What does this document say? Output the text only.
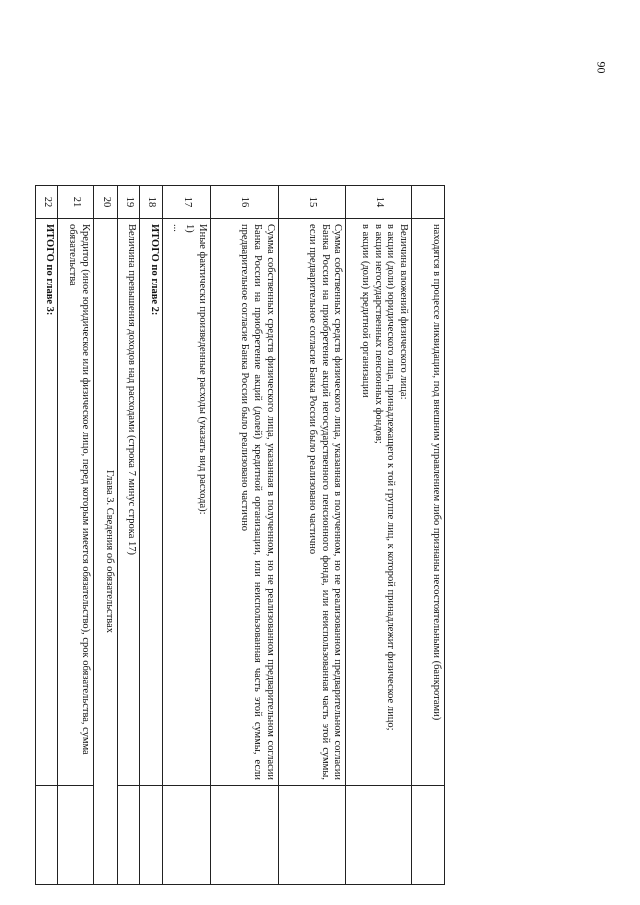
90
	находятся в процессе ликвидации, под внешним управлением либо признаны несостоятельными (банкротами)	
14	Величина вложений физического лица:
в акции (доли) юридического лица, принадлежащего к той группе лиц, к которой принадлежит физическое лицо;
в акции негосударственных пенсионных фондов;
в акции (доли) кредитной организации	

15	Сумма собственных средств физического лица, указанная в полученном, но не реализованном предварительном согласии Банка России на приобретение акций негосударственного пенсионного фонда, или неиспользованная часть этой суммы, если предварительное согласие Банка России было реализовано частично	
16	Сумма собственных средств физического лица, указанная в полученном, но не реализованном предварительном согласии Банка России на приобретение акций (долей) кредитной организации, или неиспользованная часть этой суммы, если предварительное согласие Банка России было реализовано частично	
17	Иные фактически произведенные расходы (указать вид расхода):
1)
...	

18	ИТОГО по главе 2:	
19	Величина превышения доходов над расходами (строка 7 минус строка 17)	
20	Глава 3. Сведения об обязательствах	
21	Кредитор (иное юридическое или физическое лицо, перед которым имеется обязательство), срок обязательства, сумма обязательства	
22	ИТОГО по главе 3:	
